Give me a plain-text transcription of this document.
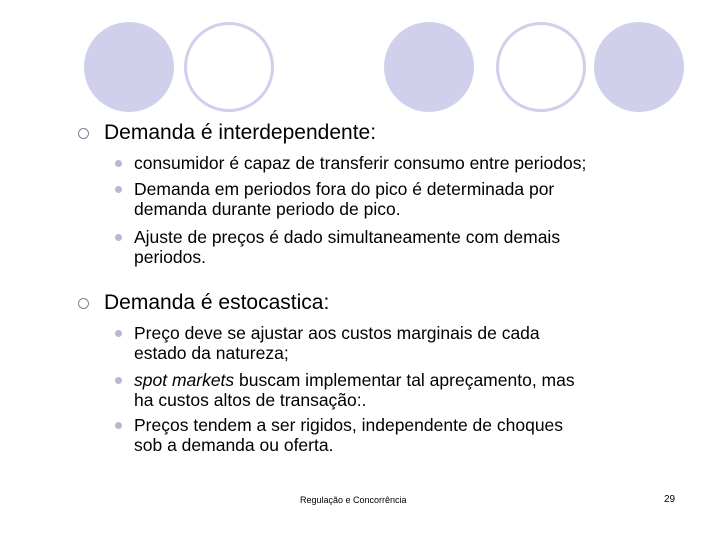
Demanda é interdependente:
consumidor é capaz de transferir consumo entre periodos;
Demanda em periodos fora do pico é determinada por
demanda durante periodo de pico.
Ajuste de preços é dado simultaneamente com demais
periodos.
Demanda é estocastica:
Preço deve se ajustar aos custos marginais de cada
estado da natureza;
spot markets buscam implementar tal apreçamento, mas
ha custos altos de transação:.
Preços tendem a ser rigidos, independente de choques
sob a demanda ou oferta.
Regulação e Concorrência	29
